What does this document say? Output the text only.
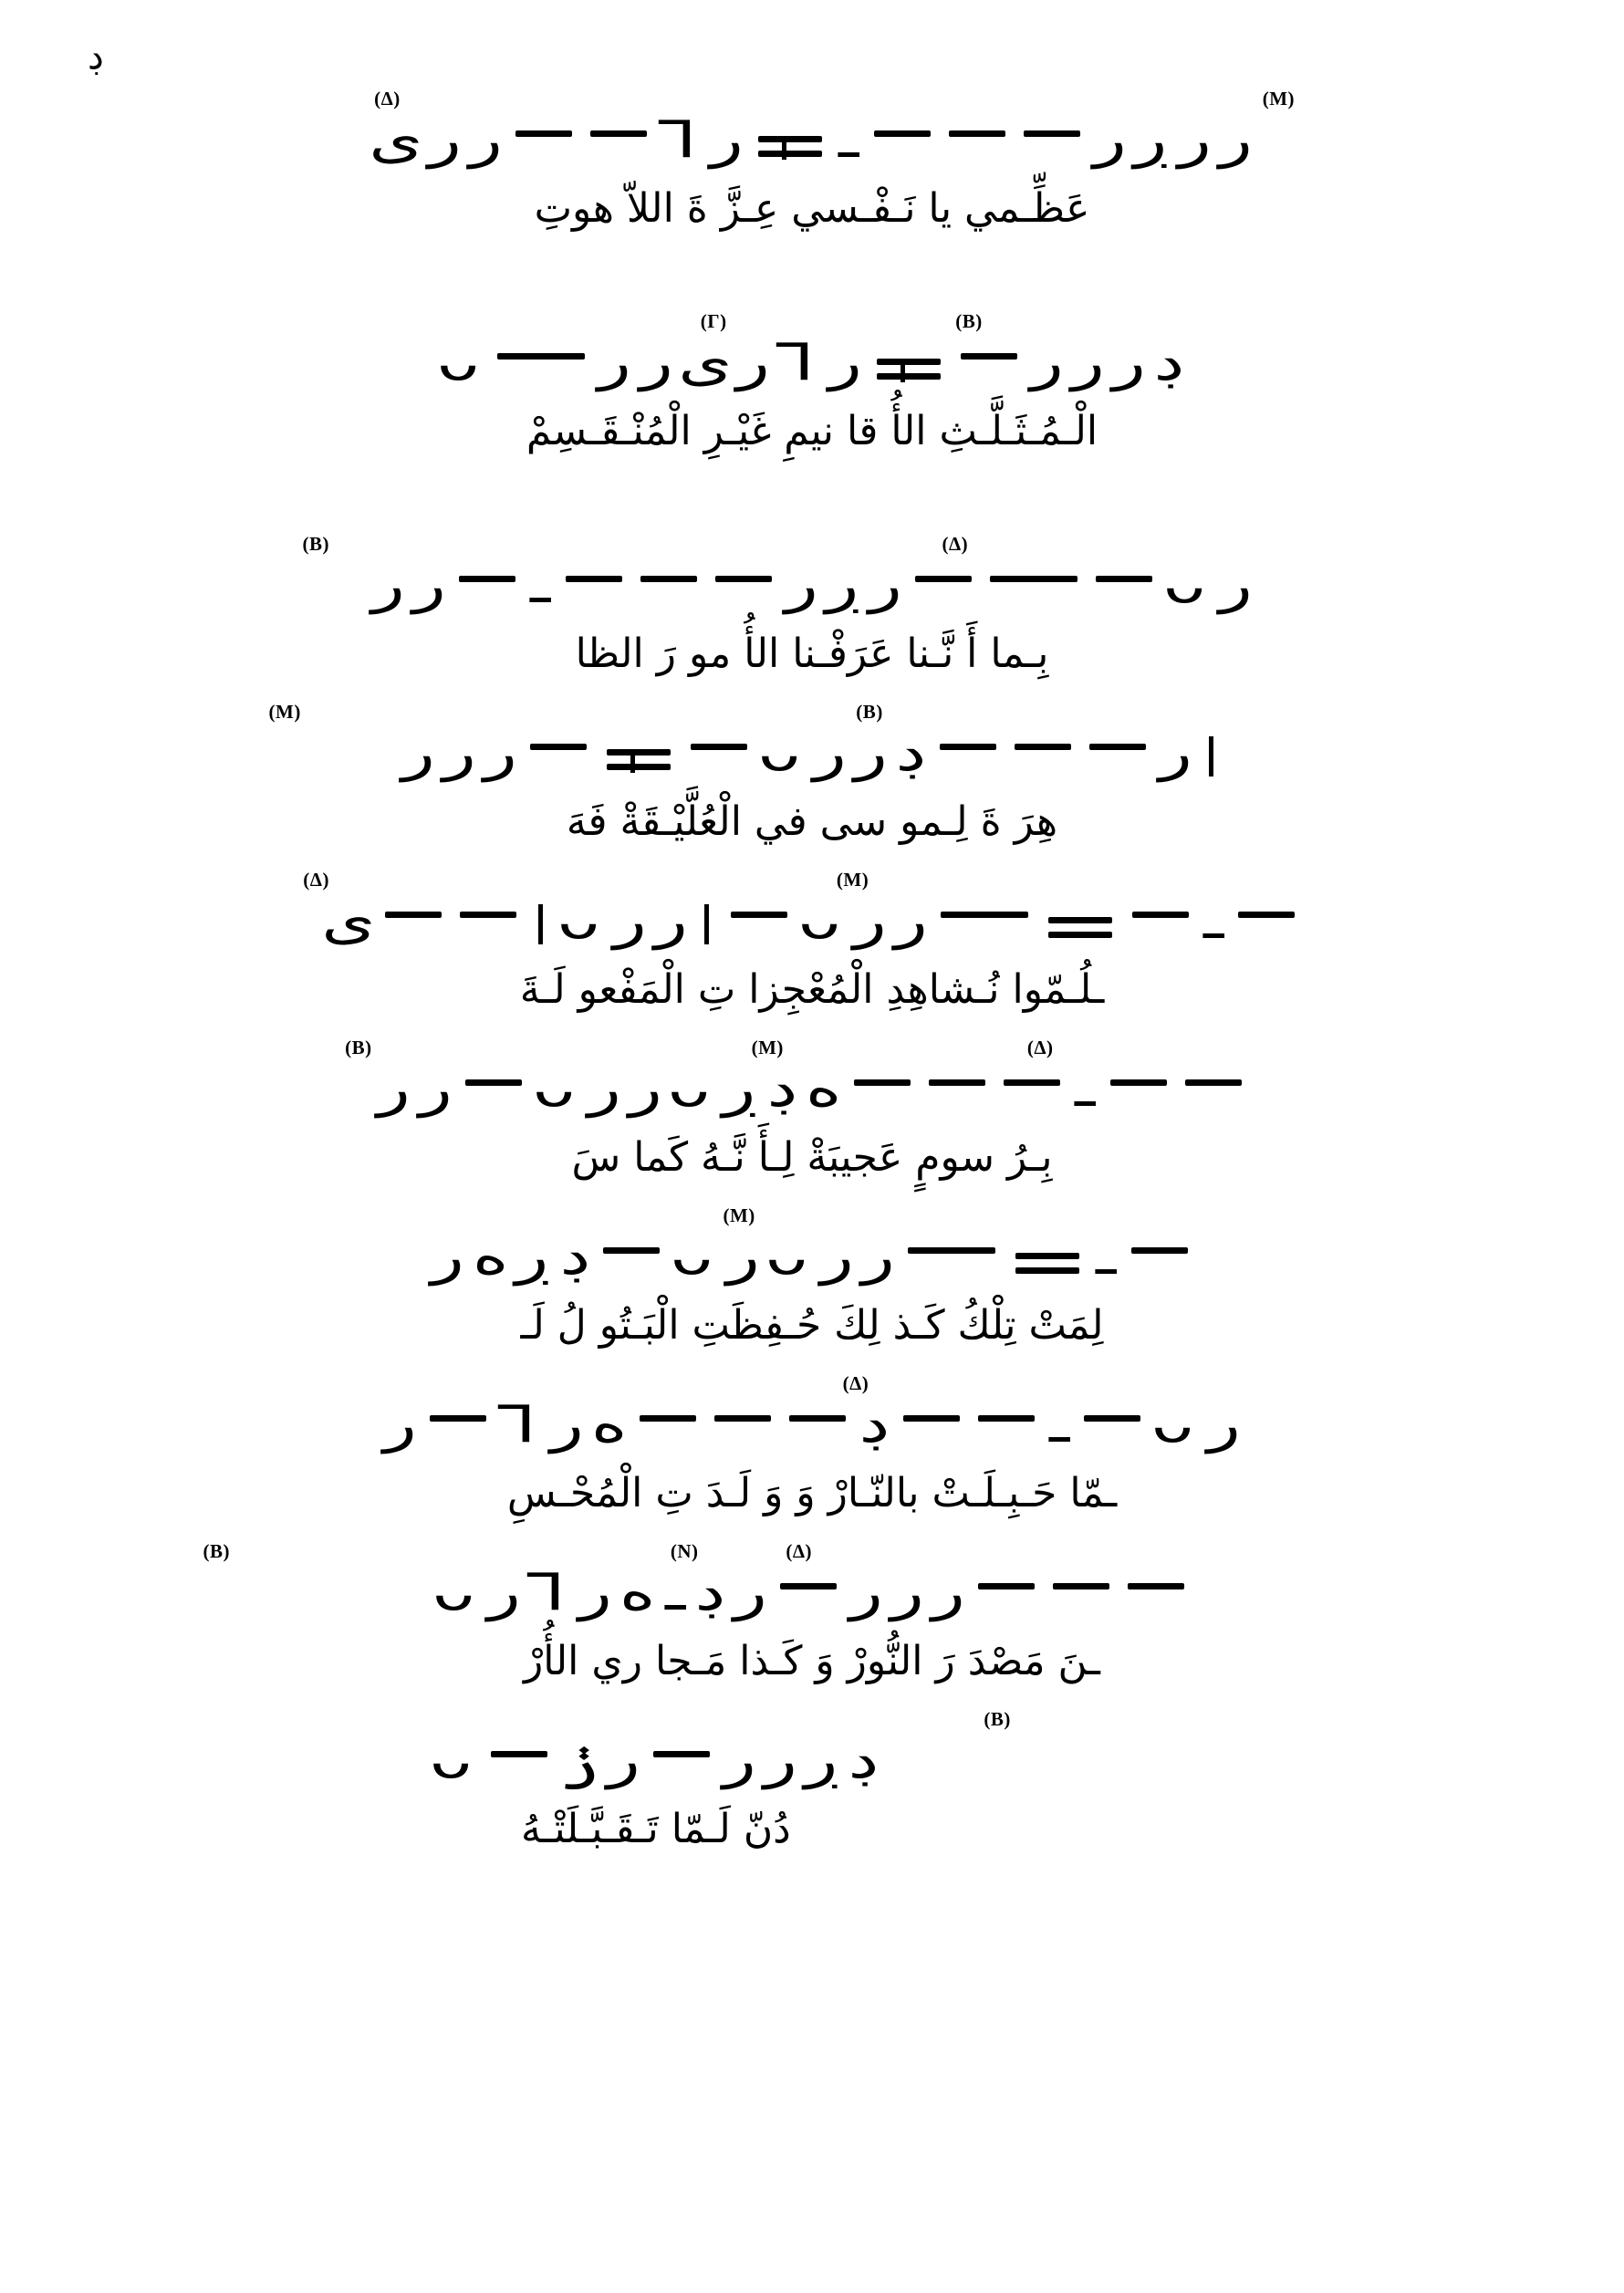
ڊ
(M)
(Δ)
ررڔرـ
رꓶررى
عَظِّـمي يا نَـفْـسي عِـزَّ ةَ اللاّ هوتِ
(B)
(Γ)
ڊررر
رꓶرىررᴗ
الْـمُـثَـلَّـثِ الأُ قا نيمِ غَيْـرِ الْمُنْـقَـسِمْ
(Δ)
(B)
رᴗرڔرـرر
بِـما أَ نَّـنا عَرَفْـنا الأُ مو رَ الظا
(B)
(M)
رڊررᴗ
ررر
هِرَ ةَ لِـمو سى في الْعُلَّيْـقَةْ فَهَ
(M)
(Δ)
ـ
ررᴗررᴗى
ـلُـمّوا نُـشاهِدِ الْمُعْجِزا تِ الْمَفْعو لَـةَ
(Δ)
(M)
(B)
ـهڊڔᴗررᴗرر
بِـرُ سومٍ عَجيبَةْ لِـأَ نَّـهُ كَما سَ
(M)
ـ
ررᴗرᴗڊڔهر
لِمَتْ تِلْكُ كَـذ لِكَ حُـفِظَتِ الْبَـتُو لُ لَـ
(Δ)
رᴗـڊهرꓶر
ـمّا حَـبِـلَـتْ بالنّـارْ وَ وَ لَـدَ تِ الْمُحْـسِ
(Δ)
(N)
(B)
ررررڊـهرꓶرᴗ
ـنَ مَصْدَ رَ النُّورْ وَ كَـذا مَـجا ري الأُرْ
(B)
ڊڔرررݫᴗ
دُنّ لَـمّا تَـقَـبَّـلَتْـهُ
